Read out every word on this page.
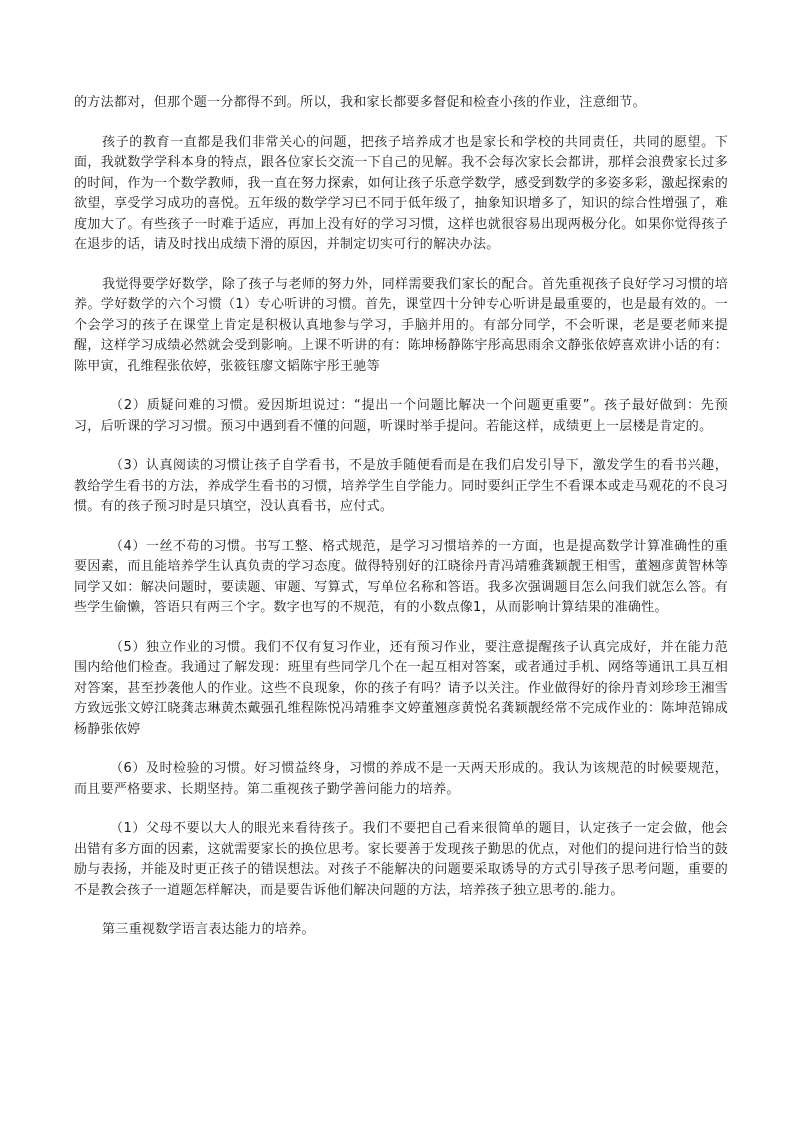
的方法都对，但那个题一分都得不到。所以，我和家长都要多督促和检查小孩的作业，注意细节。

孩子的教育一直都是我们非常关心的问题，把孩子培养成才也是家长和学校的共同责任，共同的愿望。下面，我就数学学科本身的特点，跟各位家长交流一下自己的见解。我不会每次家长会都讲，那样会浪费家长过多的时间，作为一个数学教师，我一直在努力探索，如何让孩子乐意学数学，感受到数学的多姿多彩，激起探索的欲望，享受学习成功的喜悦。五年级的数学学习已不同于低年级了，抽象知识增多了，知识的综合性增强了，难度加大了。有些孩子一时难于适应，再加上没有好的学习习惯，这样也就很容易出现两极分化。如果你觉得孩子在退步的话，请及时找出成绩下滑的原因，并制定切实可行的解决办法。

我觉得要学好数学，除了孩子与老师的努力外，同样需要我们家长的配合。首先重视孩子良好学习习惯的培养。学好数学的六个习惯（1）专心听讲的习惯。首先，课堂四十分钟专心听讲是最重要的，也是最有效的。一个会学习的孩子在课堂上肯定是积极认真地参与学习，手脑并用的。有部分同学，不会听课，老是要老师来提醒，这样学习成绩必然就会受到影响。上课不听讲的有：陈坤杨静陈宇彤高思雨余文静张依婷喜欢讲小话的有：陈甲寅，孔维程张依婷，张筱钰廖文韬陈宇彤王驰等

（2）质疑问难的习惯。爱因斯坦说过：“提出一个问题比解决一个问题更重要”。孩子最好做到：先预习，后听课的学习习惯。预习中遇到看不懂的问题，听课时举手提问。若能这样，成绩更上一层楼是肯定的。

（3）认真阅读的习惯让孩子自学看书，不是放手随便看而是在我们启发引导下，激发学生的看书兴趣，教给学生看书的方法，养成学生看书的习惯，培养学生自学能力。同时要纠正学生不看课本或走马观花的不良习惯。有的孩子预习时是只填空，没认真看书，应付式。

（4）一丝不苟的习惯。书写工整、格式规范，是学习习惯培养的一方面，也是提高数学计算准确性的重要因素，而且能培养学生认真负责的学习态度。做得特别好的江晓徐丹青冯靖雅龚颖靓王相雪，董翘彦黄智林等同学又如：解决问题时，要读题、审题、写算式，写单位名称和答语。我多次强调题目怎么问我们就怎么答。有些学生偷懒，答语只有两三个字。数字也写的不规范，有的小数点像1，从而影响计算结果的准确性。

（5）独立作业的习惯。我们不仅有复习作业，还有预习作业，要注意提醒孩子认真完成好，并在能力范围内给他们检查。我通过了解发现：班里有些同学几个在一起互相对答案，或者通过手机、网络等通讯工具互相对答案，甚至抄袭他人的作业。这些不良现象，你的孩子有吗？请予以关注。作业做得好的徐丹青刘珍珍王湘雪方致远张文婷江晓龚志琳黄杰戴强孔维程陈悦冯靖雅李文婷董翘彦黄悦名龚颖靓经常不完成作业的：陈坤范锦成杨静张依婷

（6）及时检验的习惯。好习惯益终身，习惯的养成不是一天两天形成的。我认为该规范的时候要规范，而且要严格要求、长期坚持。第二重视孩子勤学善问能力的培养。

（1）父母不要以大人的眼光来看待孩子。我们不要把自己看来很简单的题目，认定孩子一定会做，他会出错有多方面的因素，这就需要家长的换位思考。家长要善于发现孩子勤思的优点，对他们的提问进行恰当的鼓励与表扬，并能及时更正孩子的错误想法。对孩子不能解决的问题要采取诱导的方式引导孩子思考问题，重要的不是教会孩子一道题怎样解决，而是要告诉他们解决问题的方法，培养孩子独立思考的.能力。

第三重视数学语言表达能力的培养。
